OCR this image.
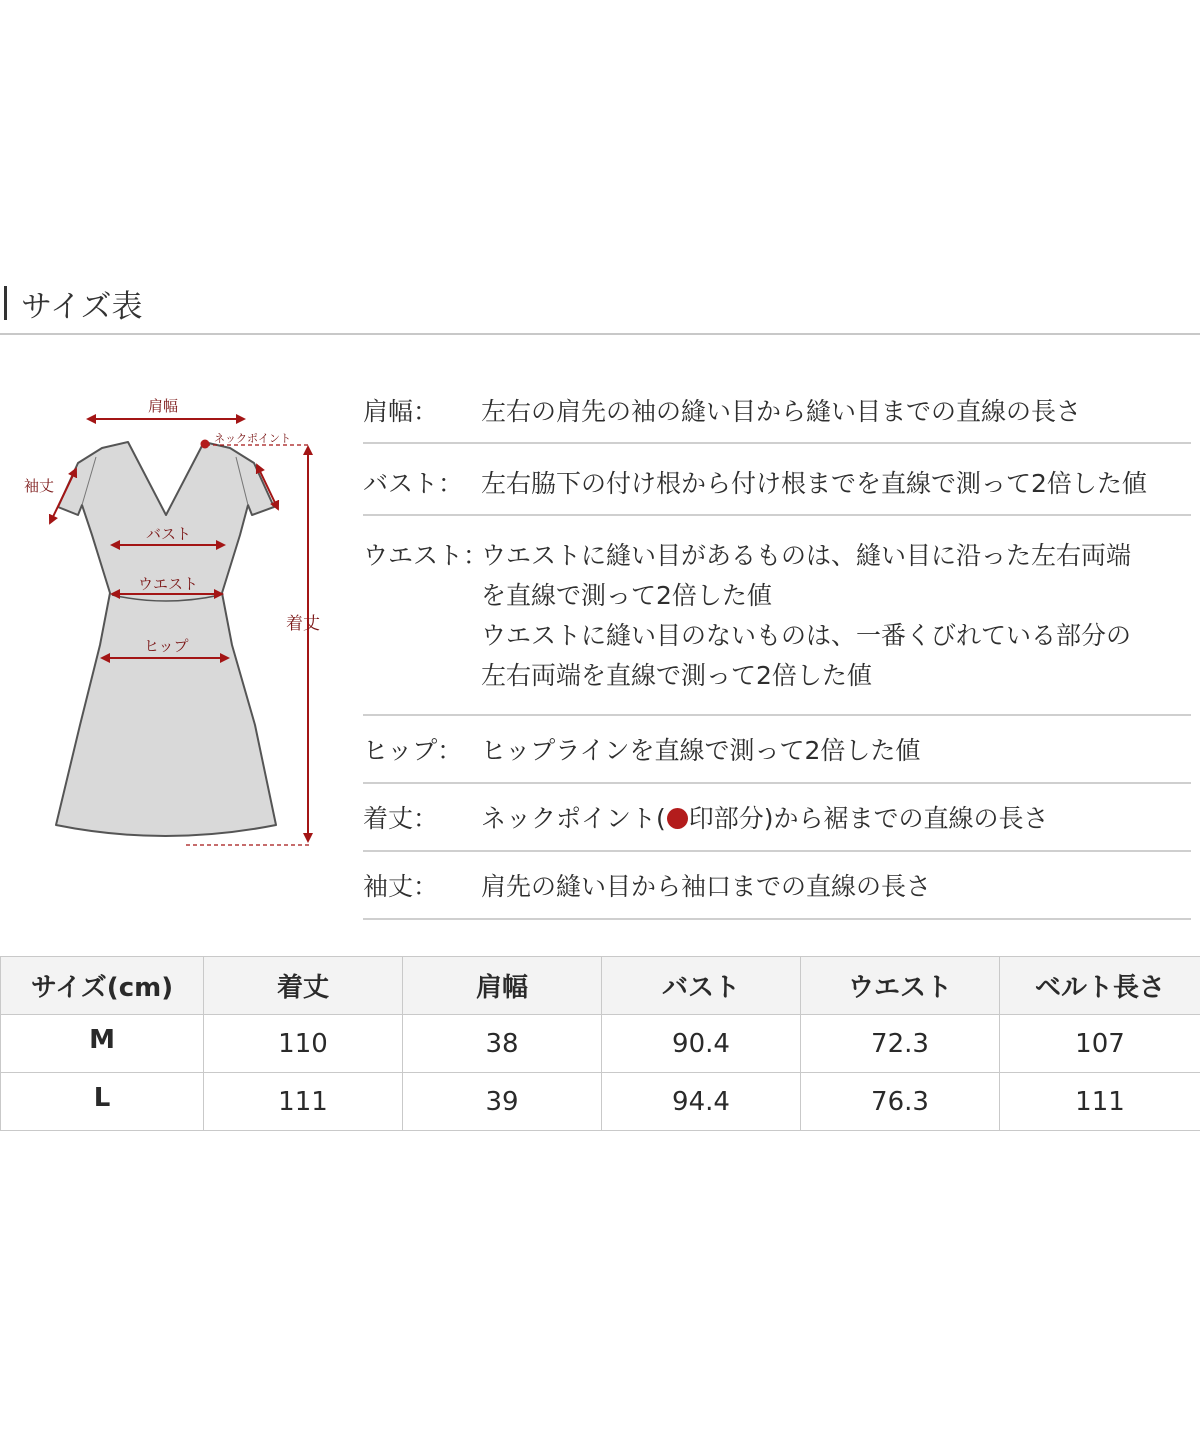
サイズ表
肩幅
ネックポイント
袖丈
バスト
ウエスト
ヒップ
着丈
肩幅：	左右の肩先の袖の縫い目から縫い目までの直線の長さ
バスト： 左右脇下の付け根から付け根までを直線で測って2倍した値
ウエスト：
ウエストに縫い目があるものは、縫い目に沿った左右両端
を直線で測って2倍した値
ウエストに縫い目のないものは、一番くびれている部分の
左右両端を直線で測って2倍した値
ヒップ： ヒップラインを直線で測って2倍した値
着丈：	ネックポイント( 印部分)から裾までの直線の長さ
袖丈：	肩先の縫い目から袖口までの直線の長さ
サイズ(cm)	着丈	肩幅	バスト	ウエスト	ベルト長さ
M	110	38	90.4	72.3	107
L	111	39	94.4	76.3	111
